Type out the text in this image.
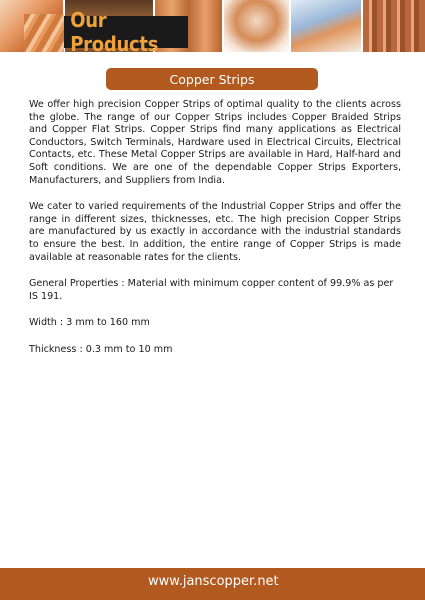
Our Products
Copper Strips

We offer high precision Copper Strips of optimal quality to the clients across the globe. The range of our Copper Strips includes Copper Braided Strips and Copper Flat Strips. Copper Strips find many applications as Electrical Conductors, Switch Terminals, Hardware used in Electrical Circuits, Electrical Contacts, etc. These Metal Copper Strips are available in Hard, Half-hard and Soft conditions. We are one of the dependable Copper Strips Exporters, Manufacturers, and Suppliers from India.

We cater to varied requirements of the Industrial Copper Strips and offer the range in different sizes, thicknesses, etc. The high precision Copper Strips are manufactured by us exactly in accordance with the industrial standards to ensure the best. In addition, the entire range of Copper Strips is made available at reasonable rates for the clients.

General Properties : Material with minimum copper content of 99.9% as per IS 191.

Width : 3 mm to 160 mm

Thickness : 0.3 mm to 10 mm

www.janscopper.net
